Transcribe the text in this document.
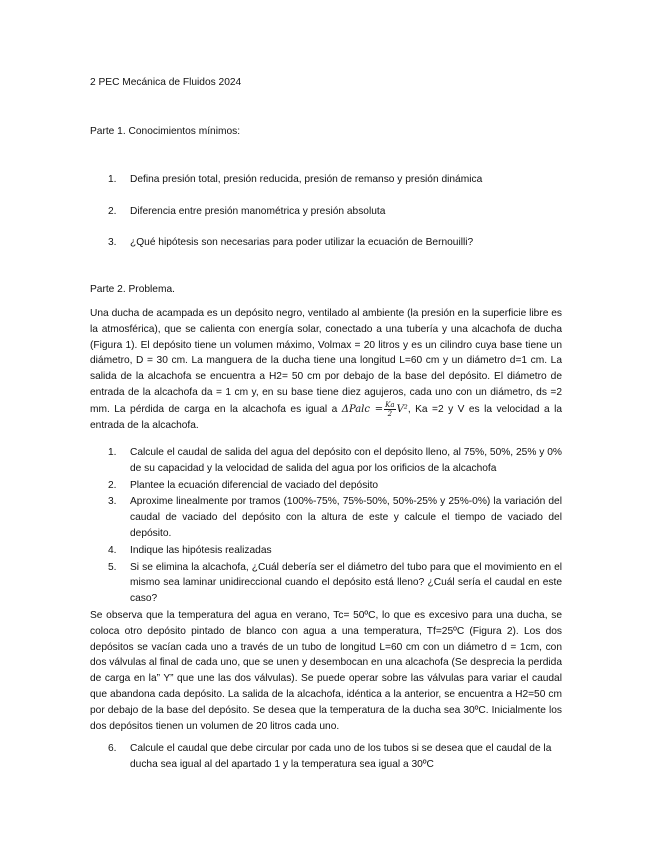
2 PEC Mecánica de Fluidos 2024

Parte 1. Conocimientos mínimos:

1. Defina presión total, presión reducida, presión de remanso y presión dinámica
2. Diferencia entre presión manométrica y presión absoluta
3. ¿Qué hipótesis son necesarias para poder utilizar la ecuación de Bernouilli?

Parte 2. Problema.

Una ducha de acampada es un depósito negro, ventilado al ambiente (la presión en la superficie libre es la atmosférica), que se calienta con energía solar, conectado a una tubería y una alcachofa de ducha (Figura 1). El depósito tiene un volumen máximo, Volmax = 20 litros y es un cilindro cuya base tiene un diámetro, D = 30 cm. La manguera de la ducha tiene una longitud L=60 cm y un diámetro d=1 cm. La salida de la alcachofa se encuentra a H2= 50 cm por debajo de la base del depósito. El diámetro de entrada de la alcachofa da = 1 cm y, en su base tiene diez agujeros, cada uno con un diámetro, ds =2 mm. La pérdida de carga en la alcachofa es igual a ΔPalc = $\frac{Ka}{2} V^2$, Ka =2 y V es la velocidad a la entrada de la alcachofa.

1. Calcule el caudal de salida del agua del depósito con el depósito lleno, al 75%, 50%, 25% y 0% de su capacidad y la velocidad de salida del agua por los orificios de la alcachofa
2. Plantee la ecuación diferencial de vaciado del depósito
3. Aproxime linealmente por tramos (100%-75%, 75%-50%, 50%-25% y 25%-0%) la variación del caudal de vaciado del depósito con la altura de este y calcule el tiempo de vaciado del depósito.
4. Indique las hipótesis realizadas
5. Si se elimina la alcachofa, ¿Cuál debería ser el diámetro del tubo para que el movimiento en el mismo sea laminar unidireccional cuando el depósito está lleno? ¿Cuál sería el caudal en este caso?

Se observa que la temperatura del agua en verano, Tc= 50ºC, lo que es excesivo para una ducha, se coloca otro depósito pintado de blanco con agua a una temperatura, Tf=25ºC (Figura 2). Los dos depósitos se vacían cada uno a través de un tubo de longitud L=60 cm con un diámetro d = 1cm, con dos válvulas al final de cada uno, que se unen y desembocan en una alcachofa (Se desprecia la perdida de carga en la” Y” que une las dos válvulas). Se puede operar sobre las válvulas para variar el caudal que abandona cada depósito. La salida de la alcachofa, idéntica a la anterior, se encuentra a H2=50 cm por debajo de la base del depósito. Se desea que la temperatura de la ducha sea 30ºC. Inicialmente los dos depósitos tienen un volumen de 20 litros cada uno.

6. Calcule el caudal que debe circular por cada uno de los tubos si se desea que el caudal de la ducha sea igual al del apartado 1 y la temperatura sea igual a 30ºC
